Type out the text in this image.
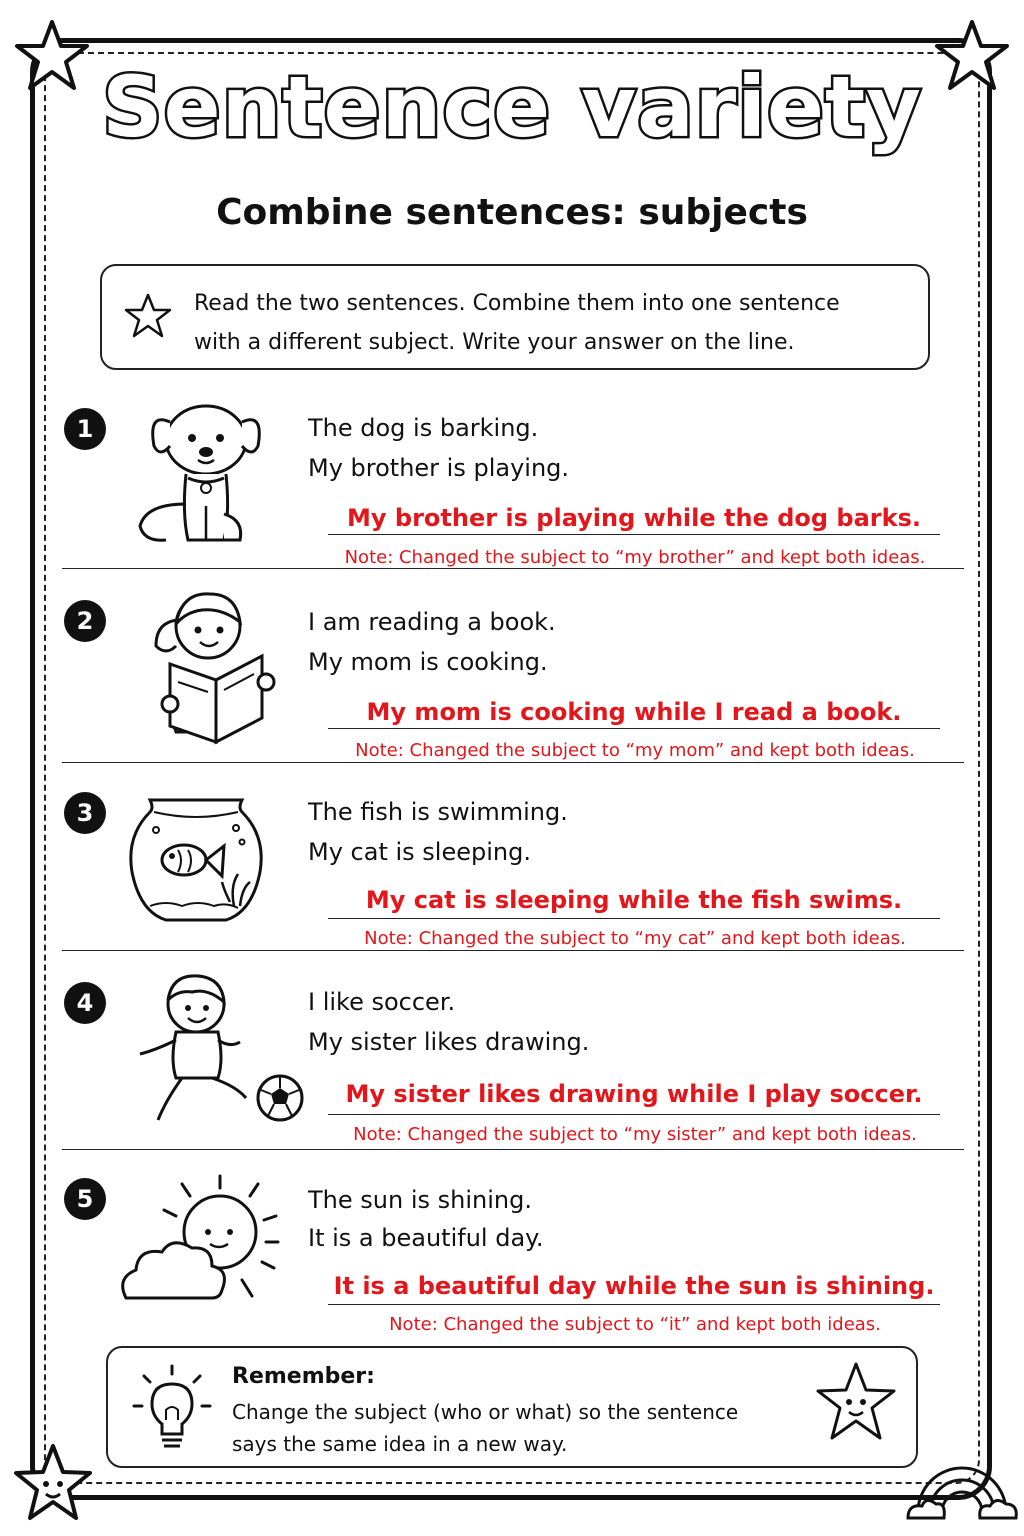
Sentence variety
Combine sentences: subjects
Read the two sentences. Combine them into one sentence
with a different subject. Write your answer on the line.
1	The dog is barking.
My brother is playing.
My brother is playing while the dog barks.
Note: Changed the subject to “my brother” and kept both ideas.
2	I am reading a book.
My mom is cooking.
My mom is cooking while I read a book.
Note: Changed the subject to “my mom” and kept both ideas.
3	The fish is swimming.
My cat is sleeping.
My cat is sleeping while the fish swims.
Note: Changed the subject to “my cat” and kept both ideas.
4	I like soccer.
My sister likes drawing.
My sister likes drawing while I play soccer.
Note: Changed the subject to “my sister” and kept both ideas.
5	The sun is shining.
It is a beautiful day.
It is a beautiful day while the sun is shining.
Note: Changed the subject to “it” and kept both ideas.
Remember:
Change the subject (who or what) so the sentence
says the same idea in a new way.
